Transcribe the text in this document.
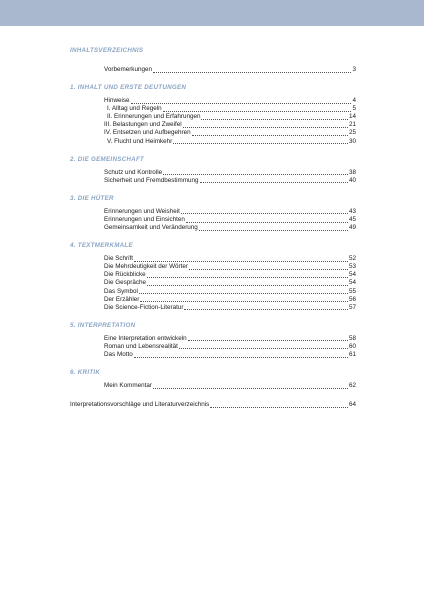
INHALTSVERZEICHNIS
Vorbemerkungen	3
1. INHALT UND ERSTE DEUTUNGEN
Hinweise	4
I. Alltag und Regeln	5
II. Erinnerungen und Erfahrungen	14
III. Belastungen und Zweifel	21
IV. Entsetzen und Aufbegehren	25
V. Flucht und Heimkehr	30
2. DIE GEMEINSCHAFT
Schutz und Kontrolle	38
Sicherheit und Fremdbestimmung	40
3. DIE HÜTER
Erinnerungen und Weisheit	43
Erinnerungen und Einsichten	45
Gemeinsamkeit und Veränderung	49
4. TEXTMERKMALE
Die Schrift	52
Die Mehrdeutigkeit der Wörter	53
Die Rückblicke	54
Die Gespräche	54
Das Symbol	55
Der Erzähler	56
Die Science-Fiction-Literatur	57
5. INTERPRETATION
Eine Interpretation entwickeln	58
Roman und Lebensrealität	60
Das Motto	61
6. KRITIK
Mein Kommentar	62
Interpretationsvorschläge und Literaturverzeichnis	64
